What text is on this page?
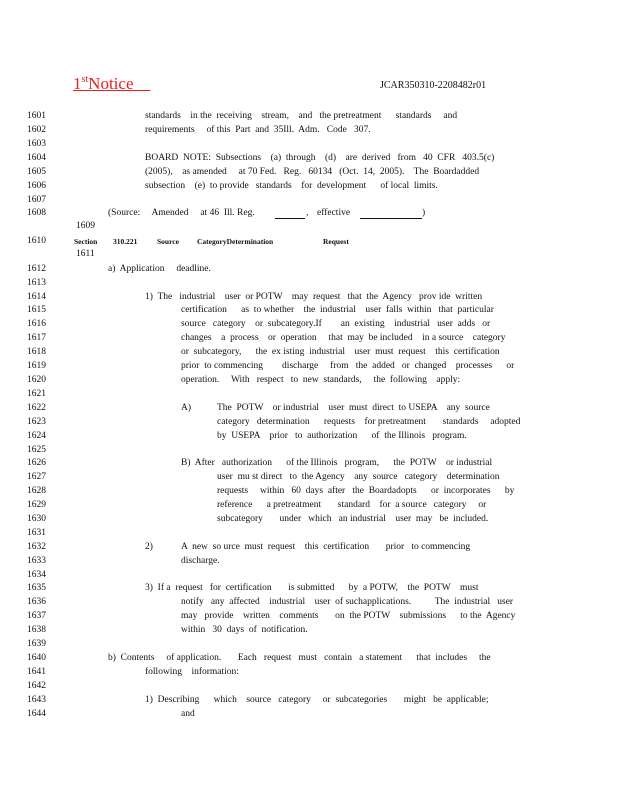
1stNotice	JCAR350310-2208482r01
1601
1602
1603
1604
1605
1606
1607
1608
1609
1610
1611
1612
1613
1614
1615
1616
1617
1618
1619
1620
1621
1622
1623
1624
1625
1626
1627
1628
1629
1630
1631
1632
1633
1634
1635
1636
1637
1638
1639
1640
1641
1642
1643
1644
standards    in the  receiving    stream,    and   the pretreatment      standards     and
requirements     of this  Part  and  35Ill.  Adm.   Code   307.
BOARD  NOTE:  Subsections    (a)  through    (d)    are  derived   from   40  CFR   403.5(c)
(2005),    as amended     at 70 Fed.   Reg.   60134   (Oct.  14,  2005).    The  Boardadded
subsection    (e)  to provide   standards    for  development      of local  limits.
(Source:     Amended     at 46  Ill. Reg.	, effective	)
Section 310.221	Source CategoryDetermination	Request
a)  Application     deadline.
1)  The   industrial    user  or POTW    may  request   that  the  Agency   prov ide  written
certification      as  to whether    the  industrial    user  falls  within   that  particular
source   category    or  subcategory.If        an  existing    industrial   user  adds   or
changes    a  process    or  operation     that  may  be included    in a source    category
or  subcategory,      the  ex isting  industrial    user  must  request    this  certification
prior  to commencing        discharge     from   the  added   or  changed    processes      or
operation.     With   respect   to  new  standards,     the  following    apply:
A)	The  POTW    or industrial    user  must  direct  to USEPA    any  source
category   determination      requests    for pretreatment       standards     adopted
by  USEPA    prior   to  authorization      of  the Illinois   program.
B)  After   authorization      of the Illinois   program,      the  POTW    or industrial
user  mu st direct   to  the Agency    any  source   category    determination
requests     within   60  days  after   the  Boardadopts      or  incorporates      by
reference      a pretreatment       standard    for  a source   category     or
subcategory       under   which   an industrial    user  may   be  included.
2)	A  new  so urce  must  request    this  certification       prior   to commencing
discharge.
3)  If a  request   for  certification       is submitted      by  a POTW,    the  POTW    must
notify   any  affected    industrial    user  of suchapplications.          The  industrial   user
may   provide    written    comments       on  the POTW    submissions      to the  Agency
within   30  days  of  notification.
b)  Contents     of application.       Each   request   must   contain   a statement      that  includes     the
following    information:
1)  Describing      which    source   category     or  subcategories       might   be  applicable;
and
